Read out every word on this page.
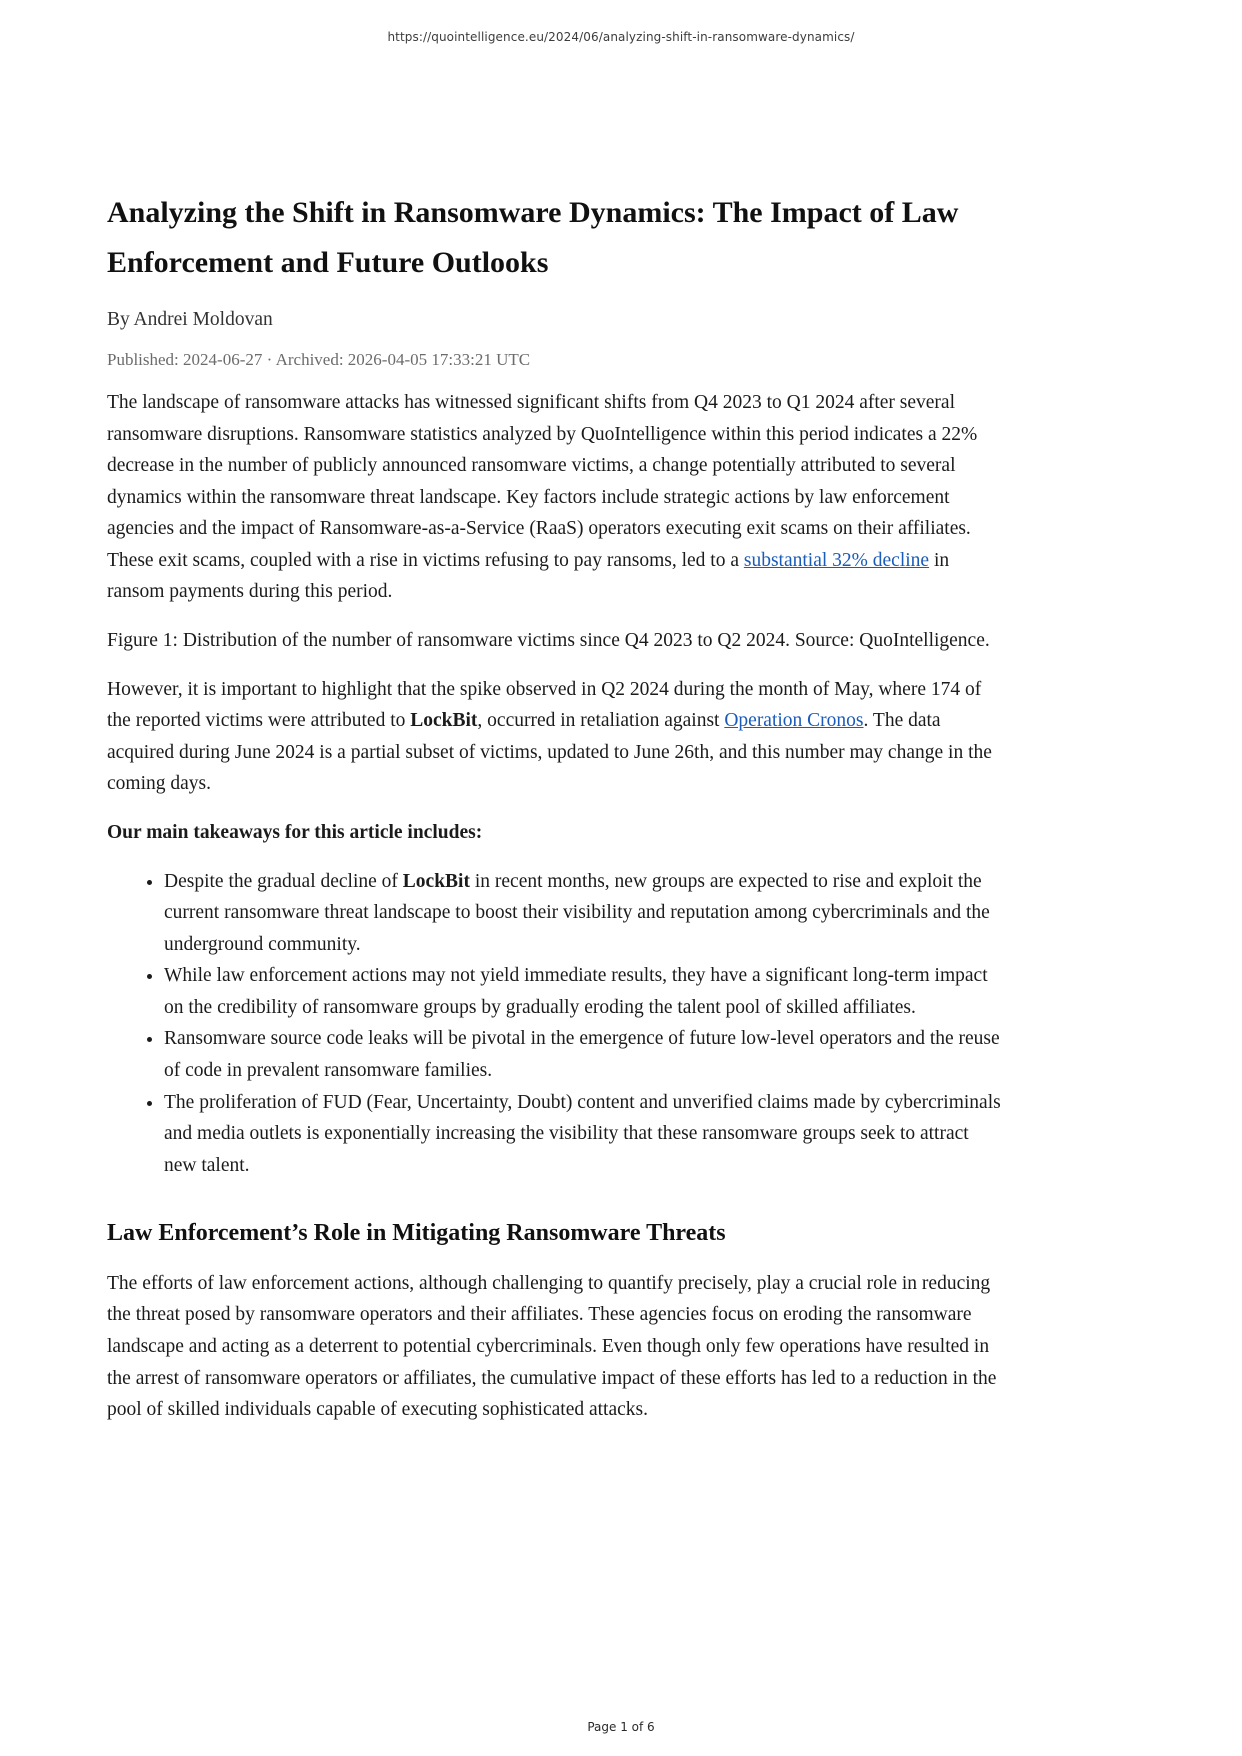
https://quointelligence.eu/2024/06/analyzing-shift-in-ransomware-dynamics/
Analyzing the Shift in Ransomware Dynamics: The Impact of Law Enforcement and Future Outlooks
By Andrei Moldovan
Published: 2024-06-27 · Archived: 2026-04-05 17:33:21 UTC

The landscape of ransomware attacks has witnessed significant shifts from Q4 2023 to Q1 2024 after several ransomware disruptions. Ransomware statistics analyzed by QuoIntelligence within this period indicates a 22% decrease in the number of publicly announced ransomware victims, a change potentially attributed to several dynamics within the ransomware threat landscape. Key factors include strategic actions by law enforcement agencies and the impact of Ransomware-as-a-Service (RaaS) operators executing exit scams on their affiliates. These exit scams, coupled with a rise in victims refusing to pay ransoms, led to a substantial 32% decline in ransom payments during this period.

Figure 1: Distribution of the number of ransomware victims since Q4 2023 to Q2 2024. Source: QuoIntelligence.

However, it is important to highlight that the spike observed in Q2 2024 during the month of May, where 174 of the reported victims were attributed to LockBit, occurred in retaliation against Operation Cronos. The data acquired during June 2024 is a partial subset of victims, updated to June 26th, and this number may change in the coming days.

Our main takeaways for this article includes:

• Despite the gradual decline of LockBit in recent months, new groups are expected to rise and exploit the current ransomware threat landscape to boost their visibility and reputation among cybercriminals and the underground community.
• While law enforcement actions may not yield immediate results, they have a significant long-term impact on the credibility of ransomware groups by gradually eroding the talent pool of skilled affiliates.
• Ransomware source code leaks will be pivotal in the emergence of future low-level operators and the reuse of code in prevalent ransomware families.
• The proliferation of FUD (Fear, Uncertainty, Doubt) content and unverified claims made by cybercriminals and media outlets is exponentially increasing the visibility that these ransomware groups seek to attract new talent.
Law Enforcement’s Role in Mitigating Ransomware Threats

The efforts of law enforcement actions, although challenging to quantify precisely, play a crucial role in reducing the threat posed by ransomware operators and their affiliates. These agencies focus on eroding the ransomware landscape and acting as a deterrent to potential cybercriminals. Even though only few operations have resulted in the arrest of ransomware operators or affiliates, the cumulative impact of these efforts has led to a reduction in the pool of skilled individuals capable of executing sophisticated attacks.

Page 1 of 6
